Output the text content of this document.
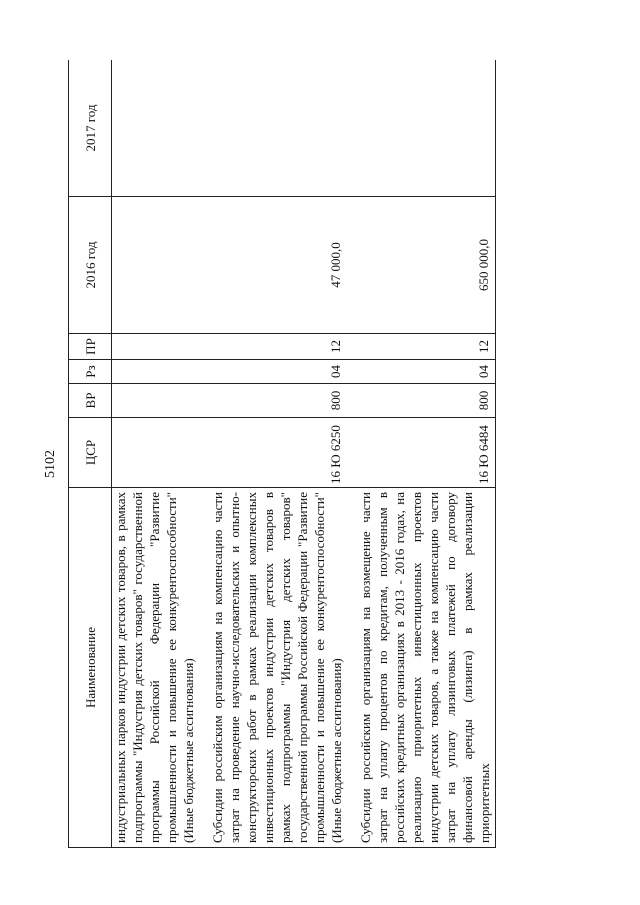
5102
Наименование	ЦСР	ВР	Рз	ПР	2016 год	2017 год
индустриальных парков индустрии детских товаров, в рамках подпрограммы "Индустрия детских товаров" государственной программы Российской Федерации "Развитие промышленности и повышение ее конкурентоспособности" (Иные бюджетные ассигнования)						

Субсидии российским организациям на компенсацию части затрат на проведение научно-исследовательских и опытно-конструкторских работ в рамках реализации комплексных инвестиционных проектов индустрии детских товаров в рамках подпрограммы "Индустрия детских товаров" государственной программы Российской Федерации "Развитие промышленности и повышение ее конкурентоспособности" (Иные бюджетные ассигнования)	16 Ю 6250	800	04	12	47 000,0	

Субсидии российским организациям на возмещение части затрат на уплату процентов по кредитам, полученным в российских кредитных организациях в 2013 - 2016 годах, на реализацию приоритетных инвестиционных проектов индустрии детских товаров, а также на компенсацию части затрат на уплату лизинговых платежей по договору финансовой аренды (лизинга) в рамках реализации приоритетных	16 Ю 6484	800	04	12	650 000,0	
